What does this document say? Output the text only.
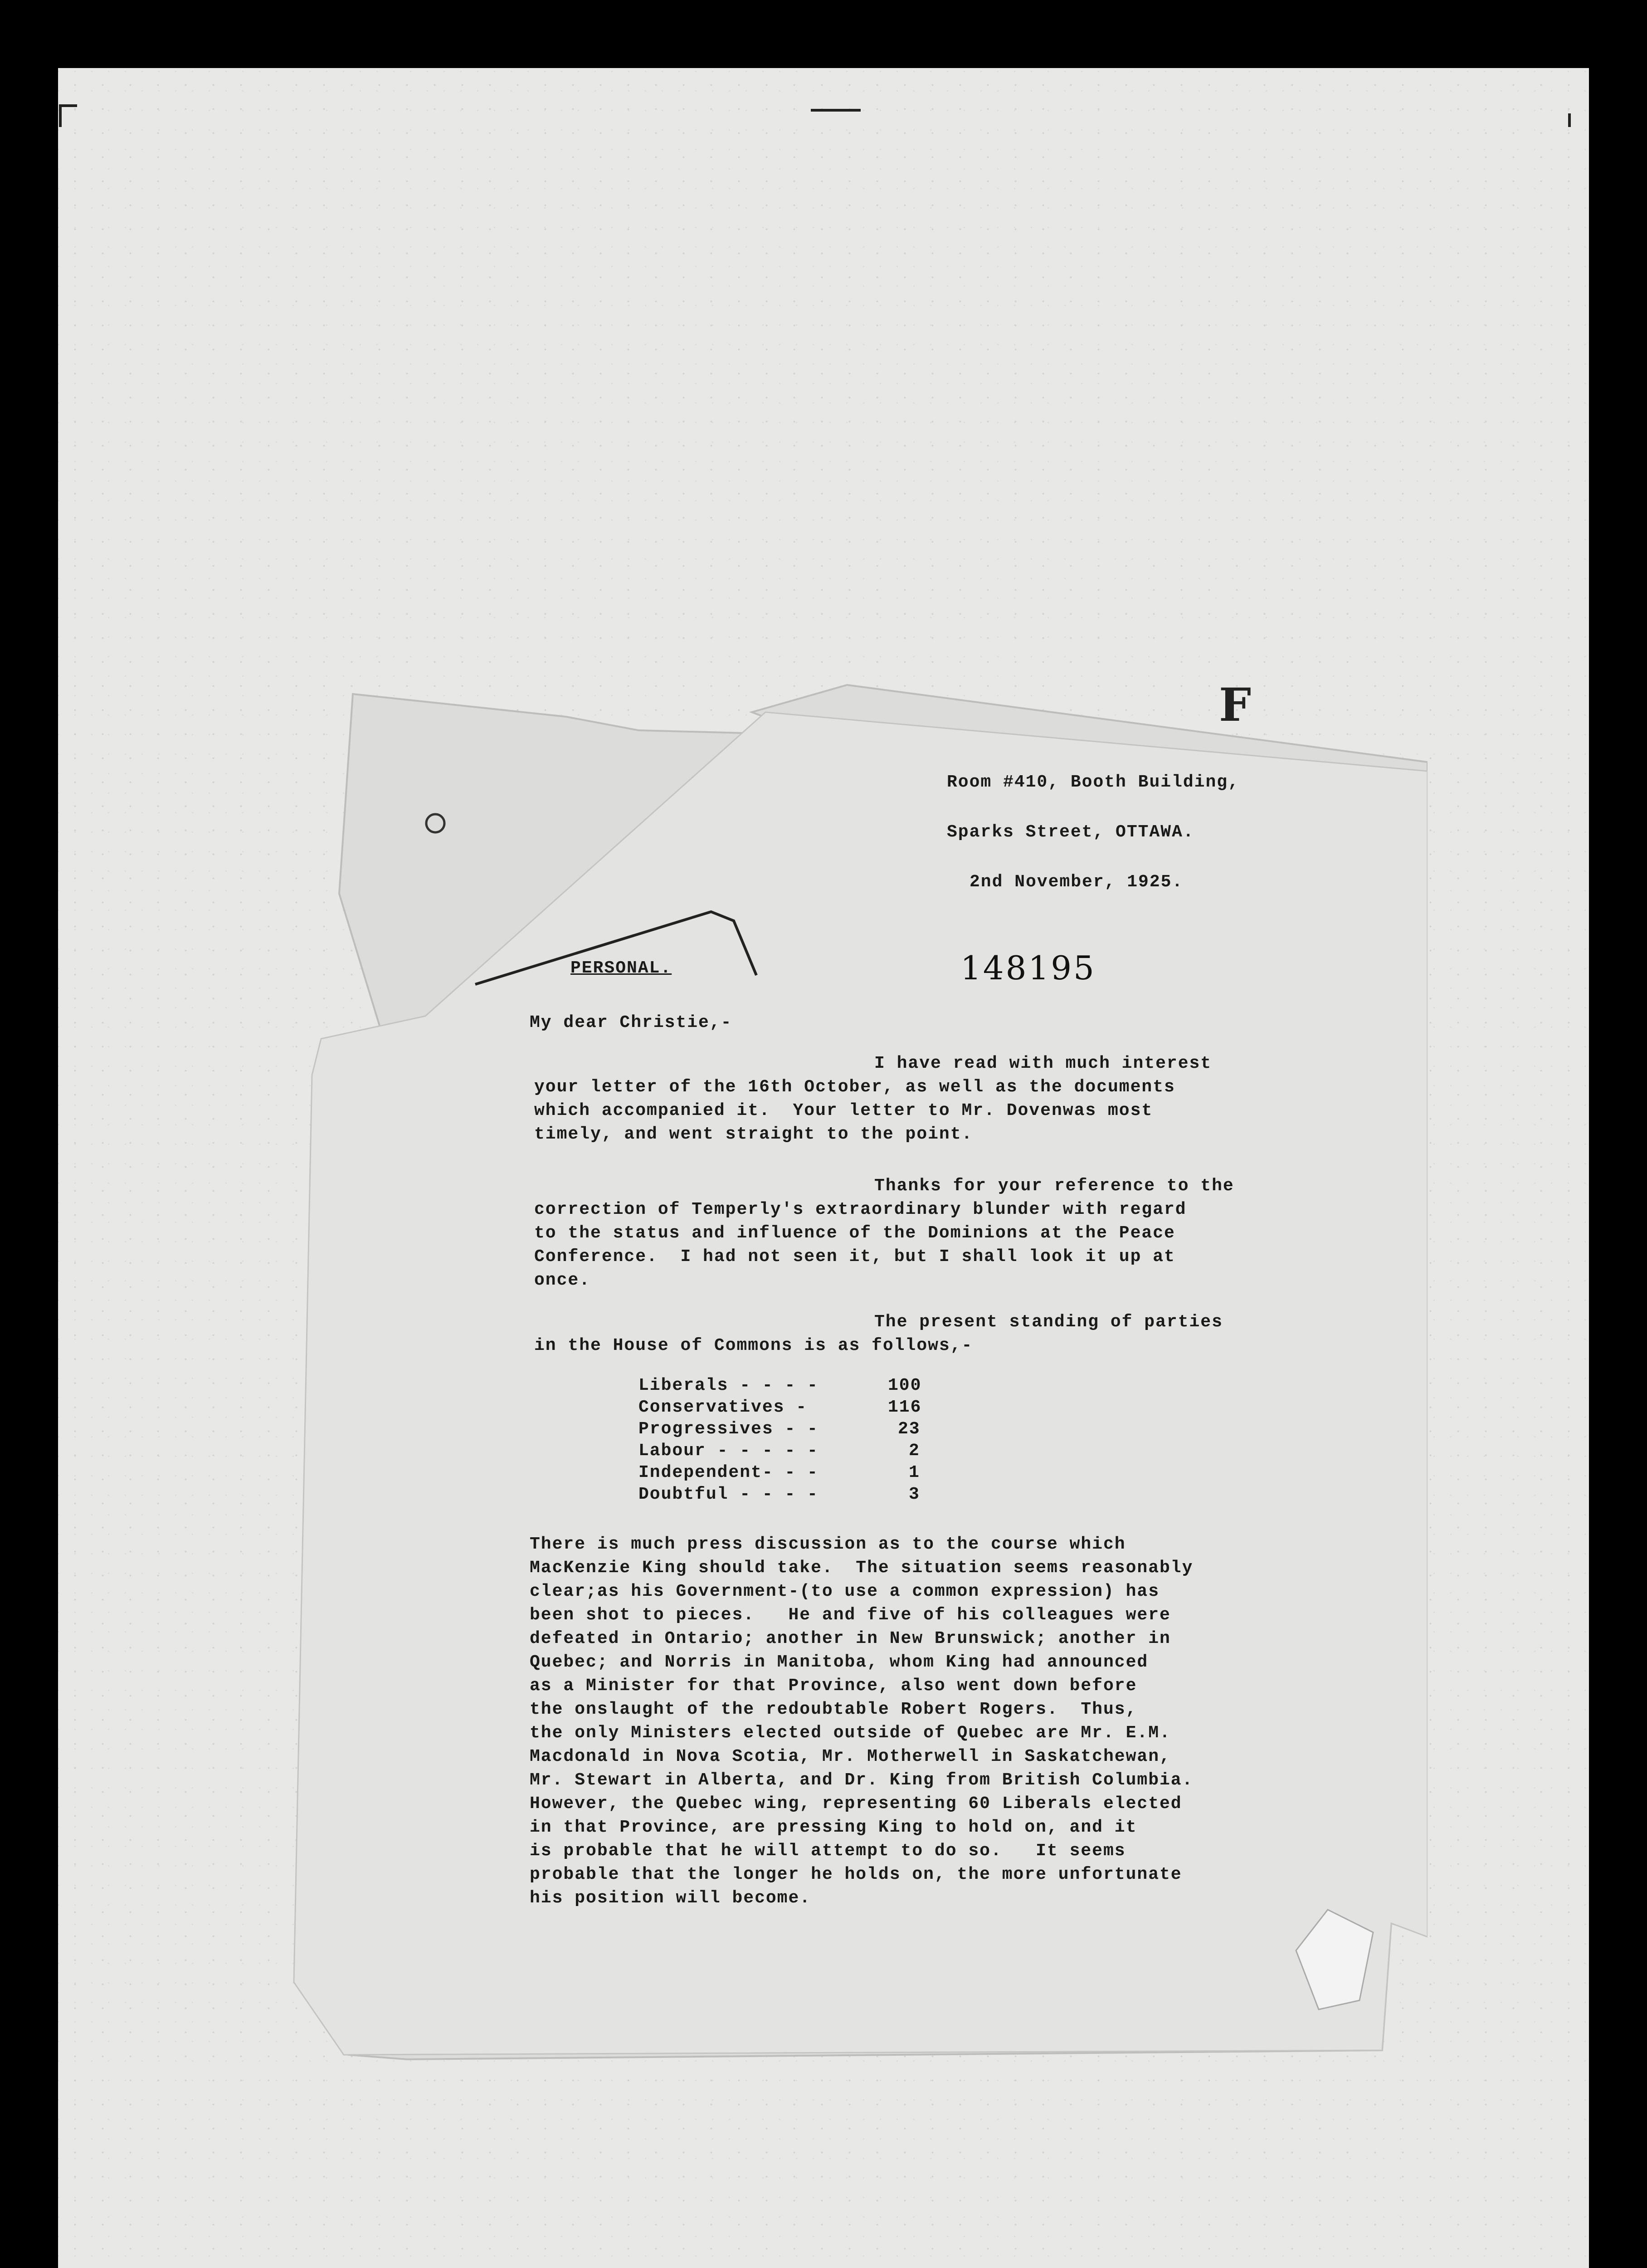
Room #410, Booth Building,
Sparks Street, OTTAWA.
2nd November, 1925.
F
PERSONAL.	148195
My dear Christie,-
I have read with much interest
your letter of the 16th October, as well as the documents
which accompanied it.  Your letter to Mr. Dovenwas most
timely, and went straight to the point.
Thanks for your reference to the
correction of Temperly's extraordinary blunder with regard
to the status and influence of the Dominions at the Peace
Conference.  I had not seen it, but I shall look it up at
once.
The present standing of parties
in the House of Commons is as follows,-
Liberals - - - -	100
Conservatives -	116
Progressives - -	23
Labour - - - - -	2
Independent- - -	1
Doubtful - - - -	3
There is much press discussion as to the course which
MacKenzie King should take.  The situation seems reasonably
clear;as his Government-(to use a common expression) has
been shot to pieces.   He and five of his colleagues were
defeated in Ontario; another in New Brunswick; another in
Quebec; and Norris in Manitoba, whom King had announced
as a Minister for that Province, also went down before
the onslaught of the redoubtable Robert Rogers.  Thus,
the only Ministers elected outside of Quebec are Mr. E.M.
Macdonald in Nova Scotia, Mr. Motherwell in Saskatchewan,
Mr. Stewart in Alberta, and Dr. King from British Columbia.
However, the Quebec wing, representing 60 Liberals elected
in that Province, are pressing King to hold on, and it
is probable that he will attempt to do so.   It seems
probable that the longer he holds on, the more unfortunate
his position will become.
